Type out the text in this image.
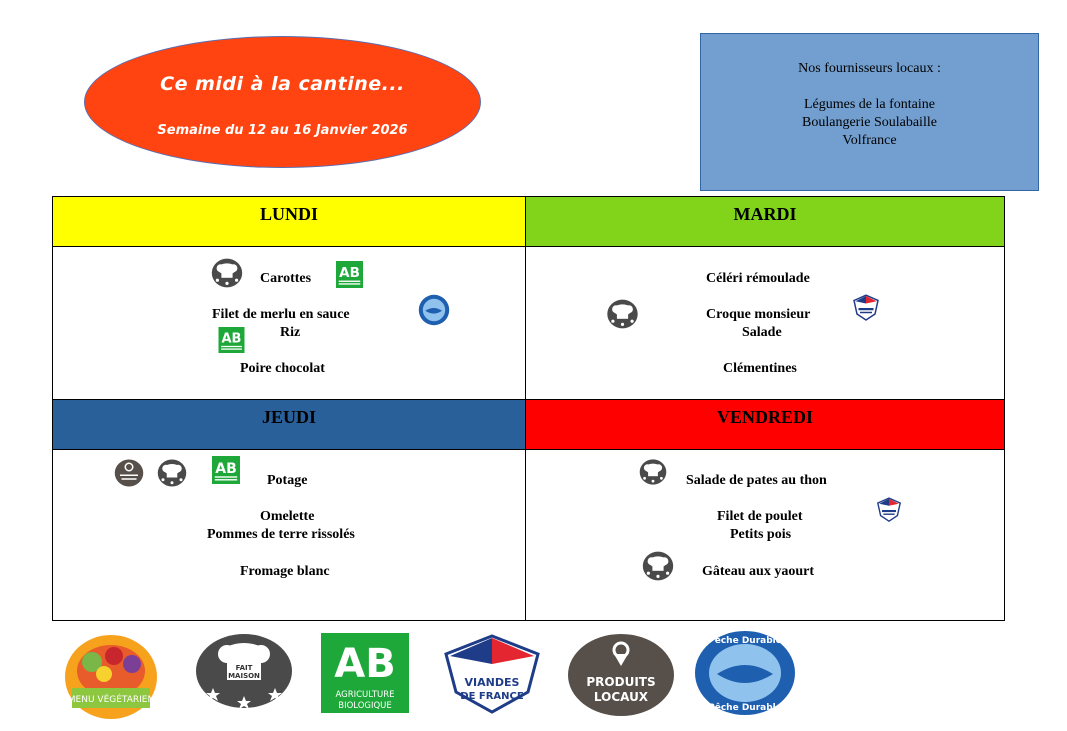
Ce midi à la cantine...
Semaine du 12 au 16 Janvier 2026
Nos fournisseurs locaux :
Légumes de la fontaine
Boulangerie Soulabaille
Volfrance
LUNDI
Carottes
Filet de merlu en sauce
Riz
Poire chocolat
MARDI
Céléri rémoulade
Croque monsieur
Salade
Clémentines
JEUDI
Potage
Omelette
Pommes de terre rissolés
Fromage blanc
VENDREDI
Salade de pates au thon
Filet de poulet
Petits pois
Gâteau aux yaourt
MENU VÉGÉTARIEN
FAIT
MAISON AB
AGRICULTURE
BIOLOGIQUE
VIANDES
DE FRANCE
PRODUITS
LOCAUX
Pêche Durable
Pêche Durable
